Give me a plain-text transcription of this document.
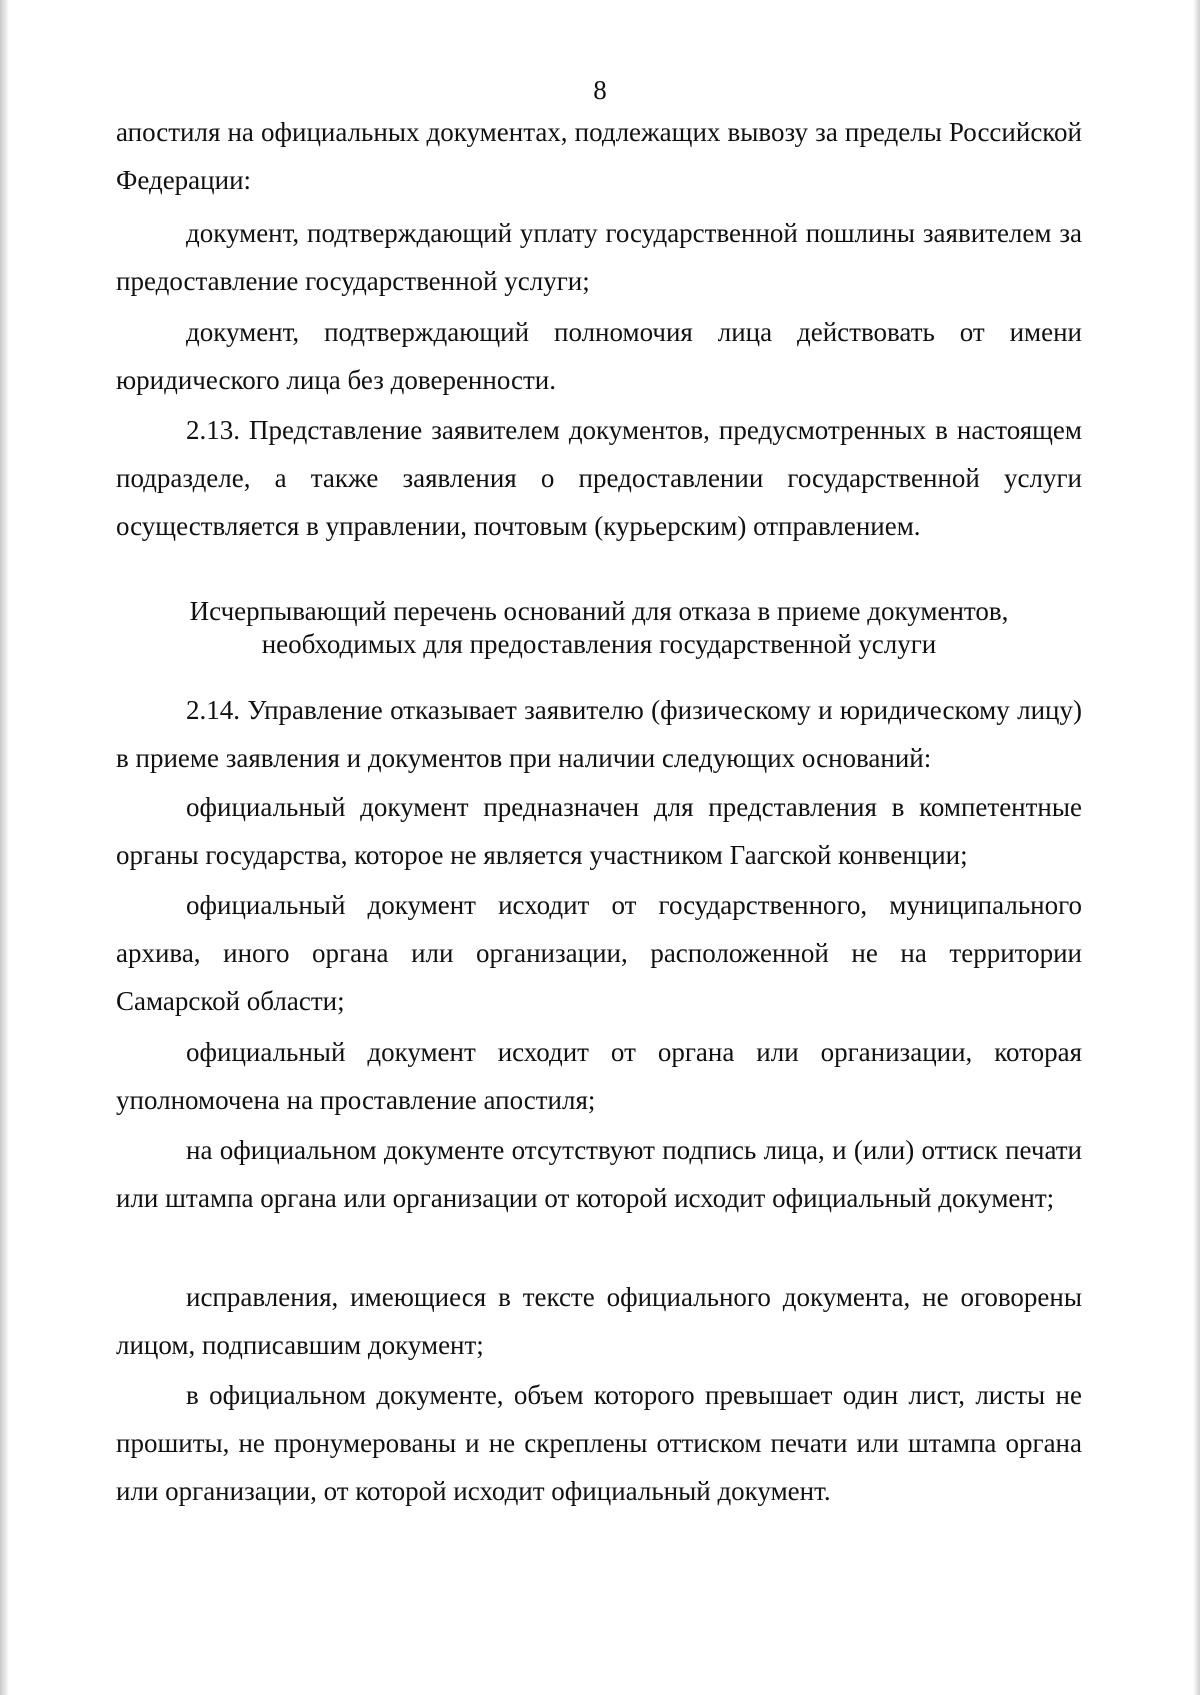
8

апостиля на официальных документах, подлежащих вывозу за пределы Российской Федерации:

документ, подтверждающий уплату государственной пошлины заявителем за предоставление государственной услуги;

документ, подтверждающий полномочия лица действовать от имени юридического лица без доверенности.

2.13. Представление заявителем документов, предусмотренных в настоящем подразделе, а также заявления о предоставлении государственной услуги осуществляется в управлении, почтовым (курьерским) отправлением.

Исчерпывающий перечень оснований для отказа в приеме документов,
необходимых для предоставления государственной услуги

2.14. Управление отказывает заявителю (физическому и юридическому лицу) в приеме заявления и документов при наличии следующих оснований:

официальный документ предназначен для представления в компетентные органы государства, которое не является участником Гаагской конвенции;

официальный документ исходит от государственного, муниципального архива, иного органа или организации, расположенной не на территории Самарской области;

официальный документ исходит от органа или организации, которая уполномочена на проставление апостиля;

на официальном документе отсутствуют подпись лица, и (или) оттиск печати или штампа органа или организации от которой исходит официальный документ;

исправления, имеющиеся в тексте официального документа, не оговорены лицом, подписавшим документ;

в официальном документе, объем которого превышает один лист, листы не прошиты, не пронумерованы и не скреплены оттиском печати или штампа органа или организации, от которой исходит официальный документ.
